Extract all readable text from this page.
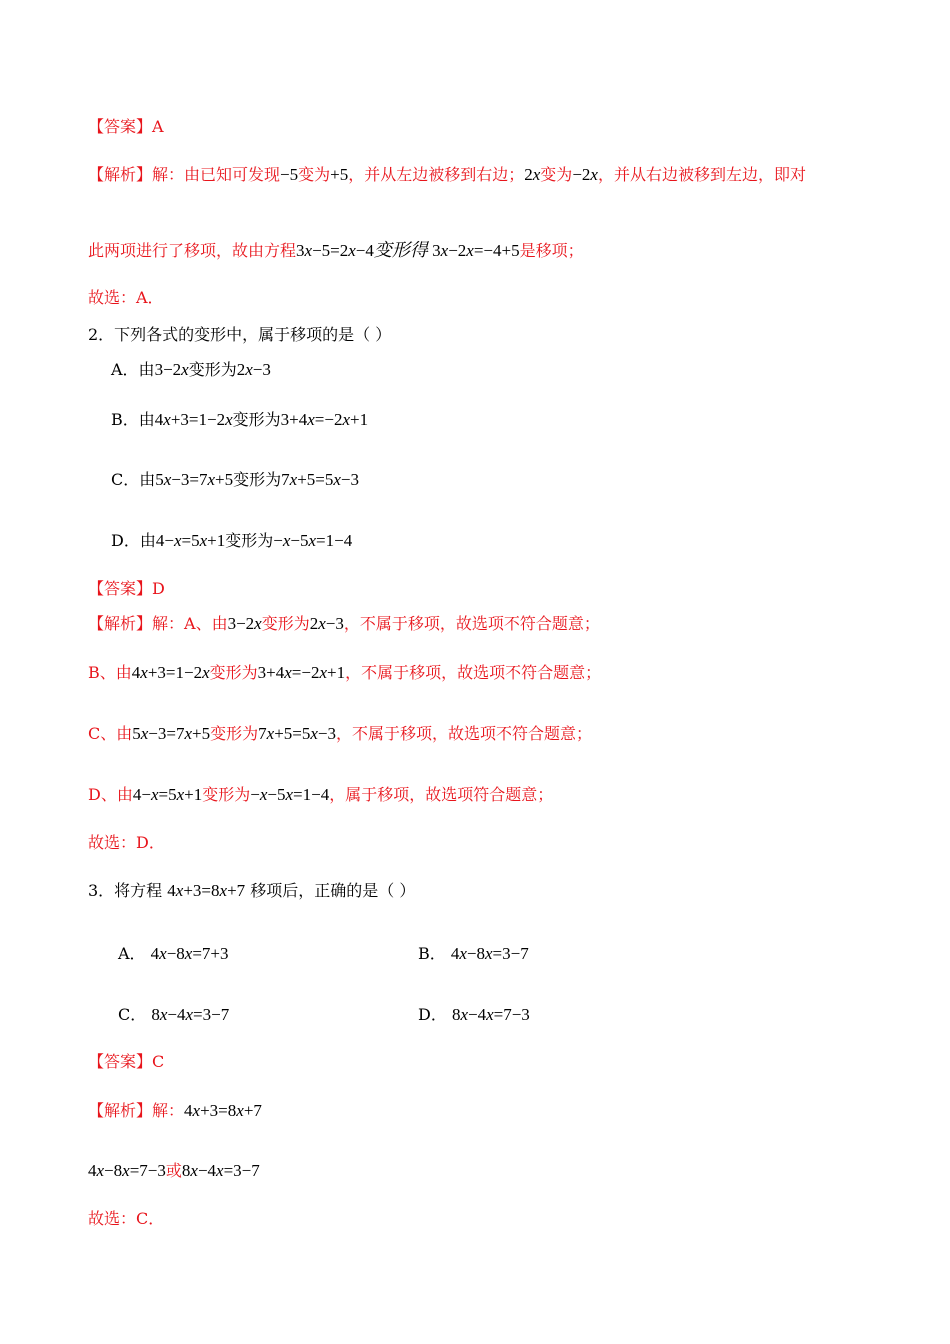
【答案】A
【解析】解：由已知可发现−5变为+5，并从左边被移到右边；2x变为−2x，并从右边被移到左边，即对
此两项进行了移项，故由方程3x−5=2x−4变形得 3x−2x=−4+5是移项；
故选：A．
2．下列各式的变形中，属于移项的是（ ）
A．由3−2x变形为2x−3
B．由4x+3=1−2x变形为3+4x=−2x+1
C．由5x−3=7x+5变形为7x+5=5x−3
D．由4−x=5x+1变形为−x−5x=1−4
【答案】D
【解析】解：A、由3−2x变形为2x−3，不属于移项，故选项不符合题意；
B、由4x+3=1−2x变形为3+4x=−2x+1，不属于移项，故选项不符合题意；
C、由5x−3=7x+5变形为7x+5=5x−3，不属于移项，故选项不符合题意；
D、由4−x=5x+1变形为−x−5x=1−4，属于移项，故选项符合题意；
故选：D．
3．将方程 4x+3=8x+7 移项后，正确的是（ ）
A． 4x−8x=7+3	B． 4x−8x=3−7
C． 8x−4x=3−7	D． 8x−4x=7−3
【答案】C
【解析】解：4x+3=8x+7
4x−8x=7−3或8x−4x=3−7
故选：C．
